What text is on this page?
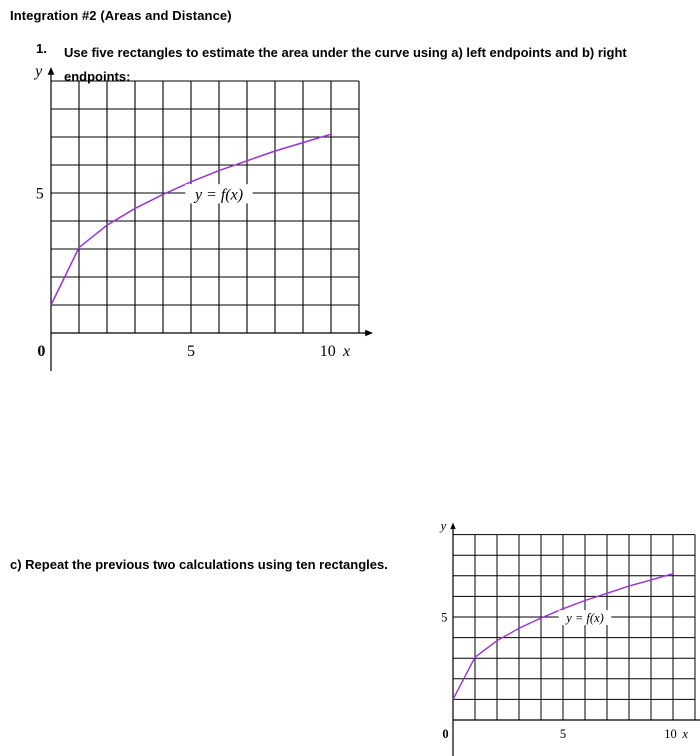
Integration #2 (Areas and Distance)
1. Use five rectangles to estimate the area under the curve using a) left endpoints and b) right endpoints:
c) Repeat the previous two calculations using ten rectangles.
y
5
0	5	10 x
y = f(x)
y
5
0	5	10 x
y = f(x)
